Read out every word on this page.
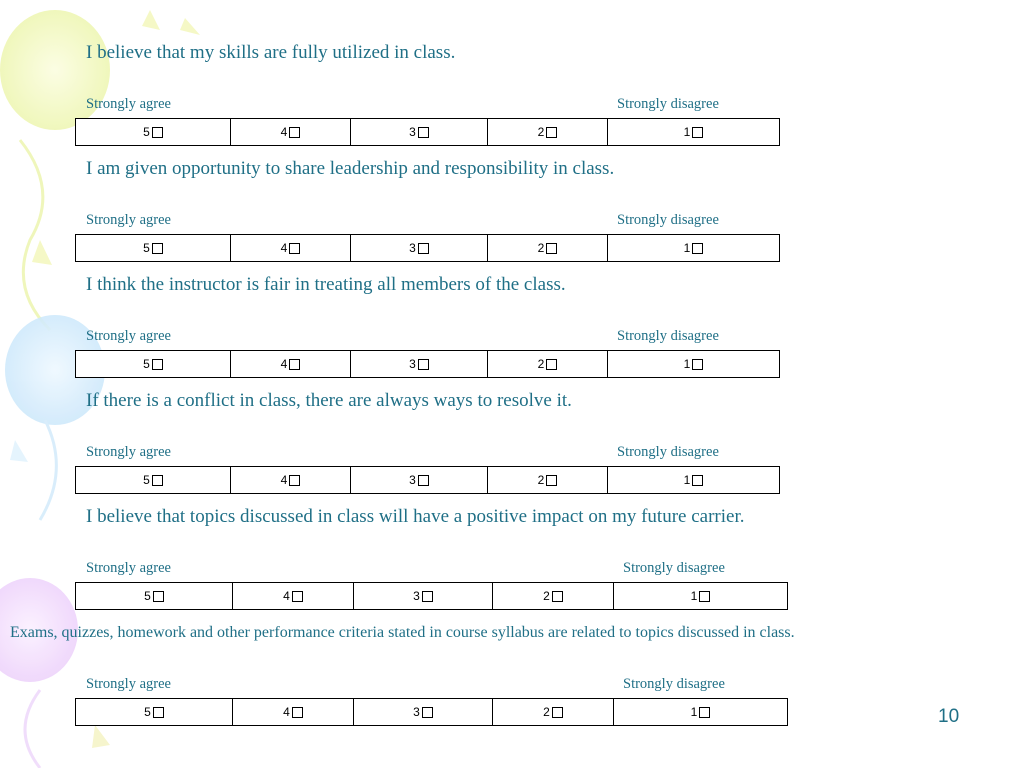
I believe that my skills are fully utilized in class.
Strongly agree	Strongly disagree
5	4	3	2	1
I am given opportunity to share leadership and responsibility in class.
Strongly agree	Strongly disagree
5	4	3	2	1
I think the instructor is fair in treating all members of the class.
Strongly agree	Strongly disagree
5	4	3	2	1
If there is a conflict in class, there are always ways to resolve it.
Strongly agree	Strongly disagree
5	4	3	2	1
I believe that topics discussed in class will have a positive impact on my future carrier.
Strongly agree	Strongly disagree
5	4	3	2	1
Exams, quizzes, homework and other performance criteria stated in course syllabus are related to topics discussed in class.
Strongly agree	Strongly disagree
5	4	3	2	1	10
